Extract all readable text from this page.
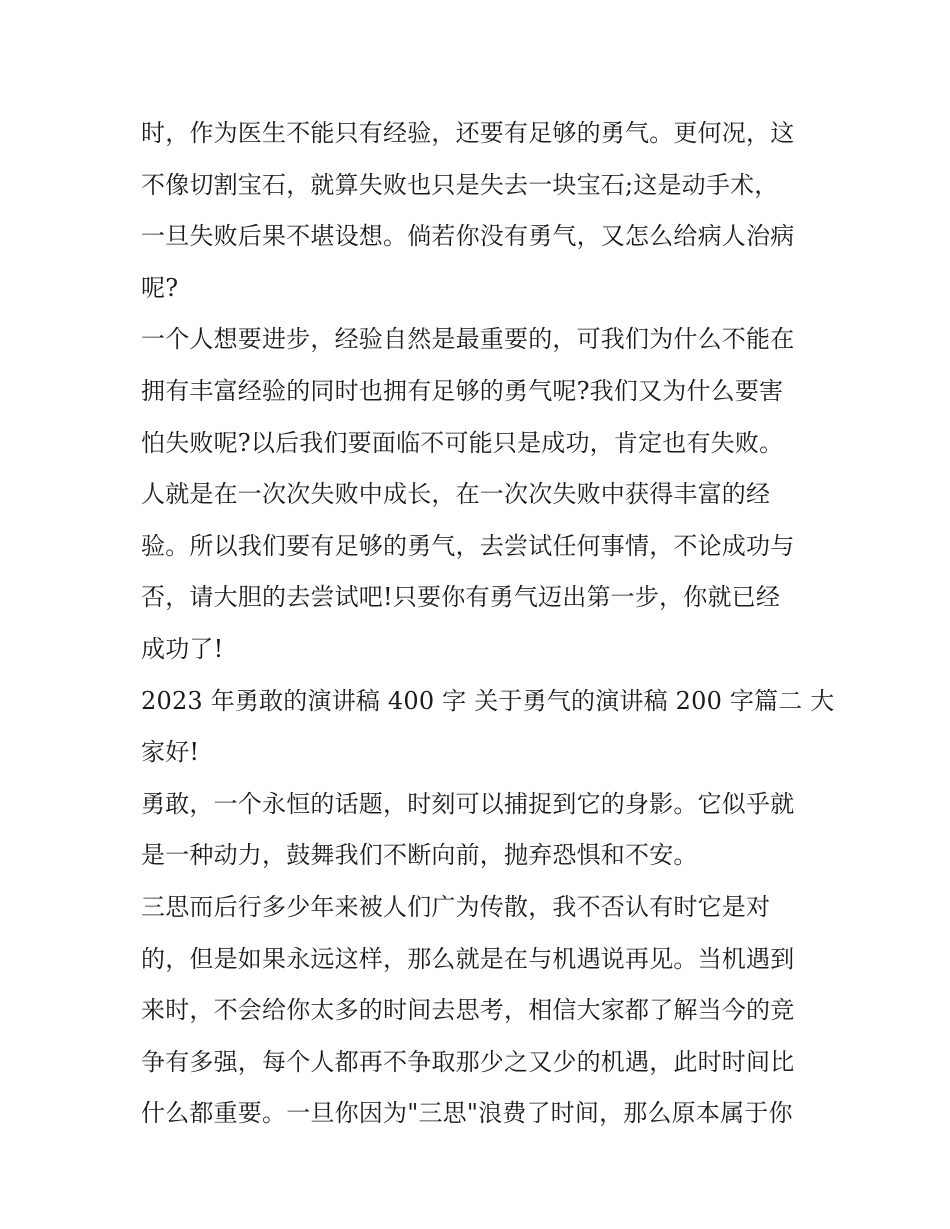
时，作为医生不能只有经验，还要有足够的勇气。更何况，这
不像切割宝石，就算失败也只是失去一块宝石;这是动手术，
一旦失败后果不堪设想。倘若你没有勇气，又怎么给病人治病
呢?
一个人想要进步，经验自然是最重要的，可我们为什么不能在
拥有丰富经验的同时也拥有足够的勇气呢?我们又为什么要害
怕失败呢?以后我们要面临不可能只是成功，肯定也有失败。
人就是在一次次失败中成长，在一次次失败中获得丰富的经
验。所以我们要有足够的勇气，去尝试任何事情，不论成功与
否，请大胆的去尝试吧!只要你有勇气迈出第一步，你就已经
成功了!
2023 年勇敢的演讲稿 400 字 关于勇气的演讲稿 200 字篇二 大
家好!
勇敢，一个永恒的话题，时刻可以捕捉到它的身影。它似乎就
是一种动力，鼓舞我们不断向前，抛弃恐惧和不安。
三思而后行多少年来被人们广为传散，我不否认有时它是对
的，但是如果永远这样，那么就是在与机遇说再见。当机遇到
来时，不会给你太多的时间去思考，相信大家都了解当今的竞
争有多强，每个人都再不争取那少之又少的机遇，此时时间比
什么都重要。一旦你因为"三思"浪费了时间，那么原本属于你
